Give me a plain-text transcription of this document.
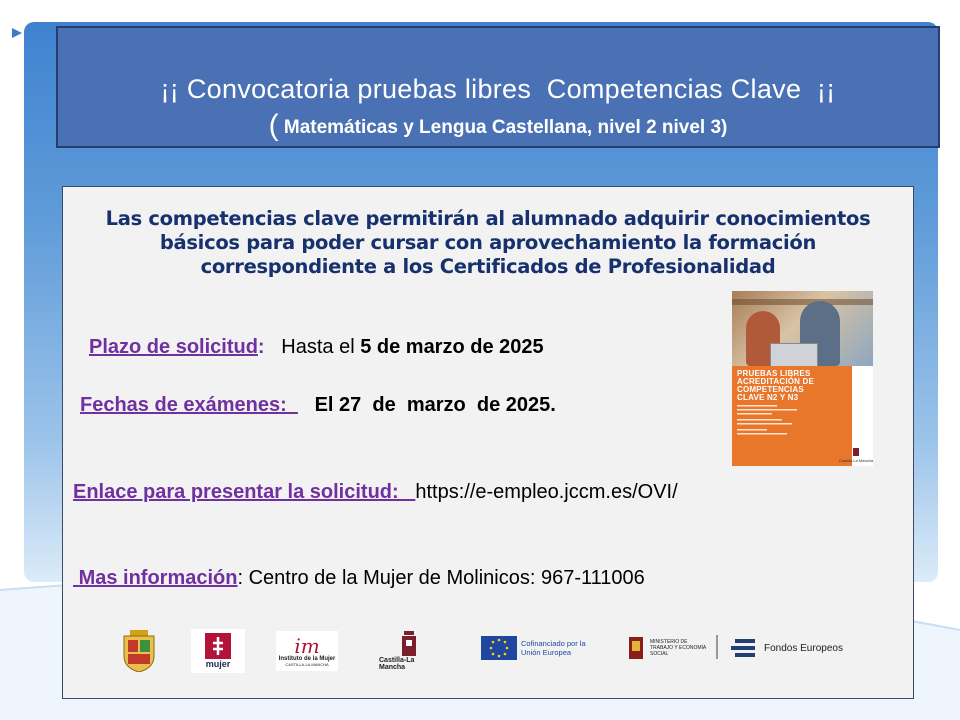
¡¡ Convocatoria pruebas libres  Competencias Clave  ¡¡
( Matemáticas y Lengua Castellana, nivel 2 nivel 3)
Las competencias clave permitirán al alumnado adquirir conocimientos
básicos para poder cursar con aprovechamiento la formación
correspondiente a los Certificados de Profesionalidad
Plazo de solicitud:   Hasta el 5 de marzo de 2025
Fechas de exámenes:     El 27  de  marzo  de 2025.
Enlace para presentar la solicitud:   https://e-empleo.jccm.es/OVI/
Mas información: Centro de la Mujer de Molinicos: 967-111006
PRUEBAS LIBRES
ACREDITACIÓN DE
COMPETENCIAS
CLAVE N2 Y N3
Castilla-La Mancha
mujer
im
Instituto de la Mujer
CASTILLA-LA MANCHA	Castilla-La Mancha
Cofinanciado por la Unión Europea
MINISTERIO DE TRABAJO Y ECONOMÍA SOCIAL
Fondos Europeos
